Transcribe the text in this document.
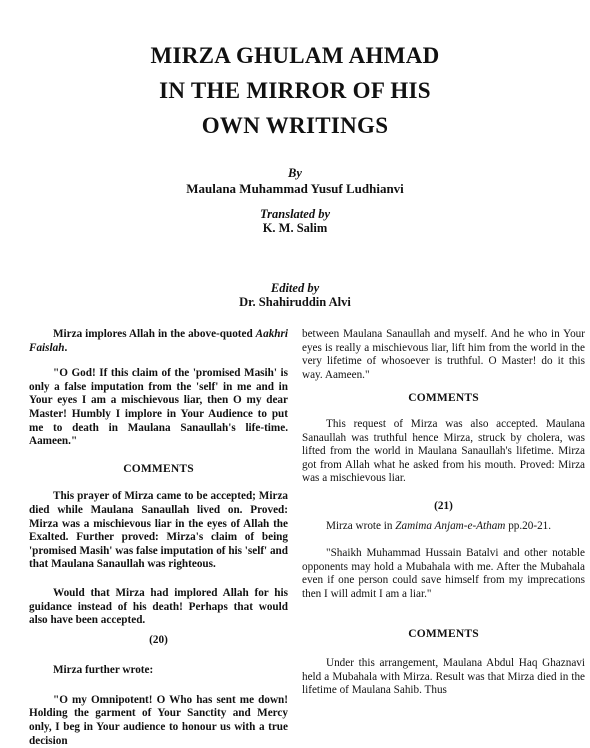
MIRZA GHULAM AHMAD
IN THE MIRROR OF HIS
OWN WRITINGS
By
Maulana Muhammad Yusuf Ludhianvi
Translated by
K. M. Salim
Edited by
Dr. Shahiruddin Alvi

Mirza implores Allah in the above-quoted Aakhri Faislah.

"O God! If this claim of the 'promised Masih' is only a false imputation from the 'self' in me and in Your eyes I am a mischievous liar, then O my dear Master! Humbly I implore in Your Audience to put me to death in Maulana Sanaullah's life-time. Aameen."

COMMENTS

This prayer of Mirza came to be accepted; Mirza died while Maulana Sanaullah lived on. Proved: Mirza was a mischievous liar in the eyes of Allah the Exalted. Further proved: Mirza's claim of being 'promised Masih' was false imputation of his 'self' and that Maulana Sanaullah was righteous.

Would that Mirza had implored Allah for his guidance instead of his death! Perhaps that would also have been accepted.

(20)

Mirza further wrote:

"O my Omnipotent! O Who has sent me down! Holding the garment of Your Sanctity and Mercy only, I beg in Your audience to honour us with a true decision

between Maulana Sanaullah and myself. And he who in Your eyes is really a mischievous liar, lift him from the world in the very lifetime of whosoever is truthful. O Master! do it this way. Aameen."

COMMENTS

This request of Mirza was also accepted. Maulana Sanaullah was truthful hence Mirza, struck by cholera, was lifted from the world in Maulana Sanaullah's lifetime. Mirza got from Allah what he asked from his mouth. Proved: Mirza was a mischievous liar.

(21)

Mirza wrote in Zamima Anjam-e-Atham pp.20-21.

"Shaikh Muhammad Hussain Batalvi and other notable opponents may hold a Mubahala with me. After the Mubahala even if one person could save himself from my imprecations then I will admit I am a liar."

COMMENTS

Under this arrangement, Maulana Abdul Haq Ghaznavi held a Mubahala with Mirza. Result was that Mirza died in the lifetime of Maulana Sahib. Thus
